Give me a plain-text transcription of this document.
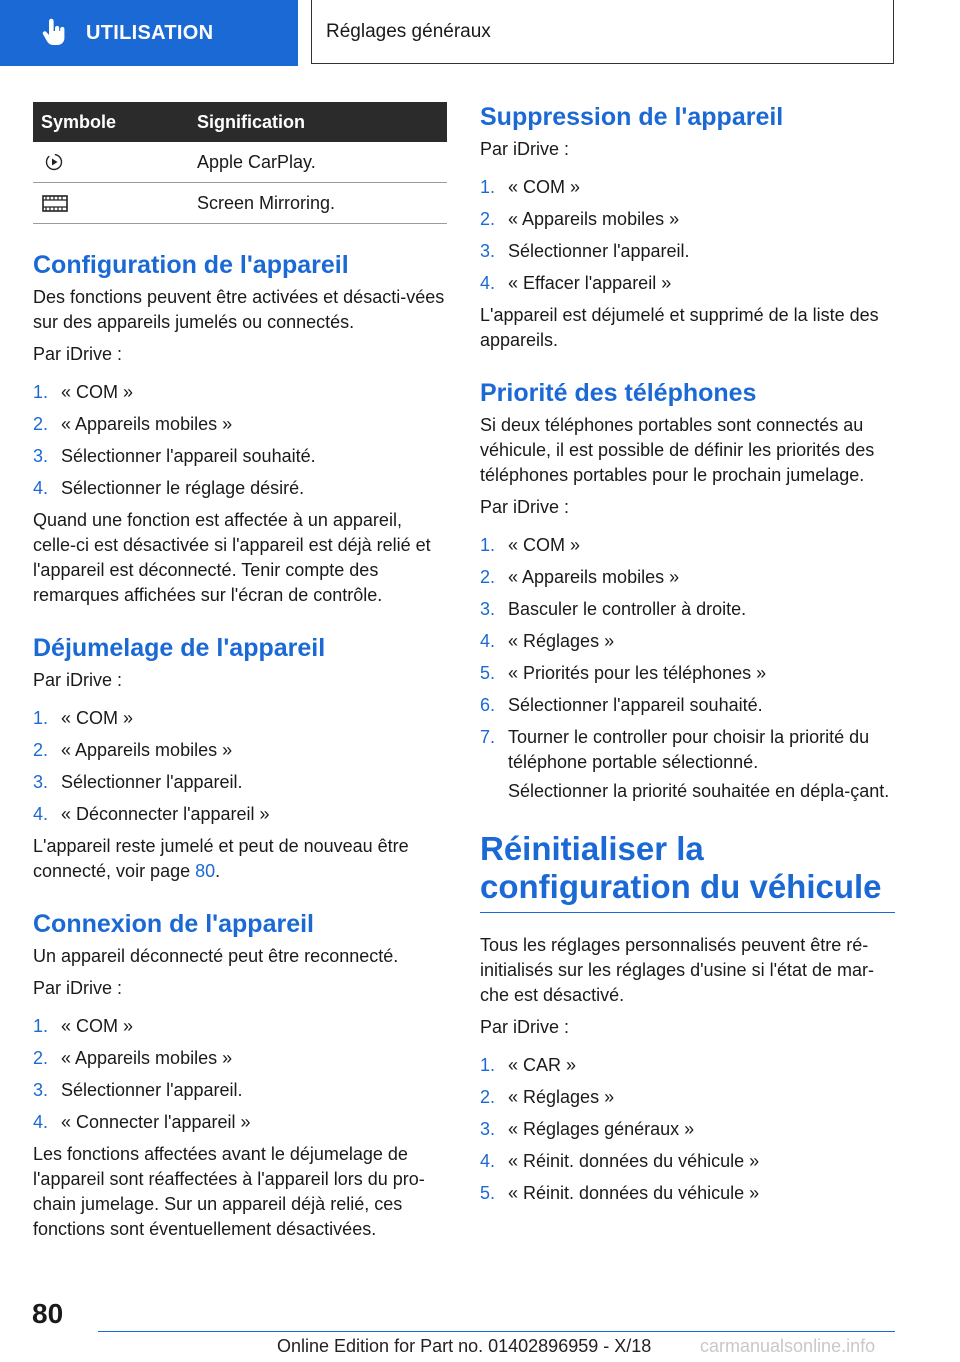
UTILISATION	Réglages généraux
Symbole	Signification
	Apple CarPlay.
	Screen Mirroring.
Configuration de l'appareil

Des fonctions peuvent être activées et désacti-vées sur des appareils jumelés ou connectés.

Par iDrive :

1. « COM »
2. « Appareils mobiles »
3. Sélectionner l'appareil souhaité.
4. Sélectionner le réglage désiré.

Quand une fonction est affectée à un appareil, celle-ci est désactivée si l'appareil est déjà relié et l'appareil est déconnecté. Tenir compte des remarques affichées sur l'écran de contrôle.

Déjumelage de l'appareil

Par iDrive :

1. « COM »
2. « Appareils mobiles »
3. Sélectionner l'appareil.
4. « Déconnecter l'appareil »

L'appareil reste jumelé et peut de nouveau être connecté, voir page 80.

Connexion de l'appareil

Un appareil déconnecté peut être reconnecté.

Par iDrive :

1. « COM »
2. « Appareils mobiles »
3. Sélectionner l'appareil.
4. « Connecter l'appareil »

Les fonctions affectées avant le déjumelage de l'appareil sont réaffectées à l'appareil lors du pro-chain jumelage. Sur un appareil déjà relié, ces fonctions sont éventuellement désactivées.

Suppression de l'appareil

Par iDrive :

1. « COM »
2. « Appareils mobiles »
3. Sélectionner l'appareil.
4. « Effacer l'appareil »

L'appareil est déjumelé et supprimé de la liste des appareils.

Priorité des téléphones

Si deux téléphones portables sont connectés au véhicule, il est possible de définir les priorités des téléphones portables pour le prochain jumelage.

Par iDrive :

1. « COM »
2. « Appareils mobiles »
3. Basculer le controller à droite.
4. « Réglages »
5. « Priorités pour les téléphones »
6. Sélectionner l'appareil souhaité.
7. Tourner le controller pour choisir la priorité du téléphone portable sélectionné.
Sélectionner la priorité souhaitée en dépla-çant.
Réinitialiser la configuration du véhicule

Tous les réglages personnalisés peuvent être ré-initialisés sur les réglages d'usine si l'état de mar-che est désactivé.

Par iDrive :

1. « CAR »
2. « Réglages »
3. « Réglages généraux »
4. « Réinit. données du véhicule »
5. « Réinit. données du véhicule »
80
Online Edition for Part no. 01402896959 - X/18	carmanualsonline.info
